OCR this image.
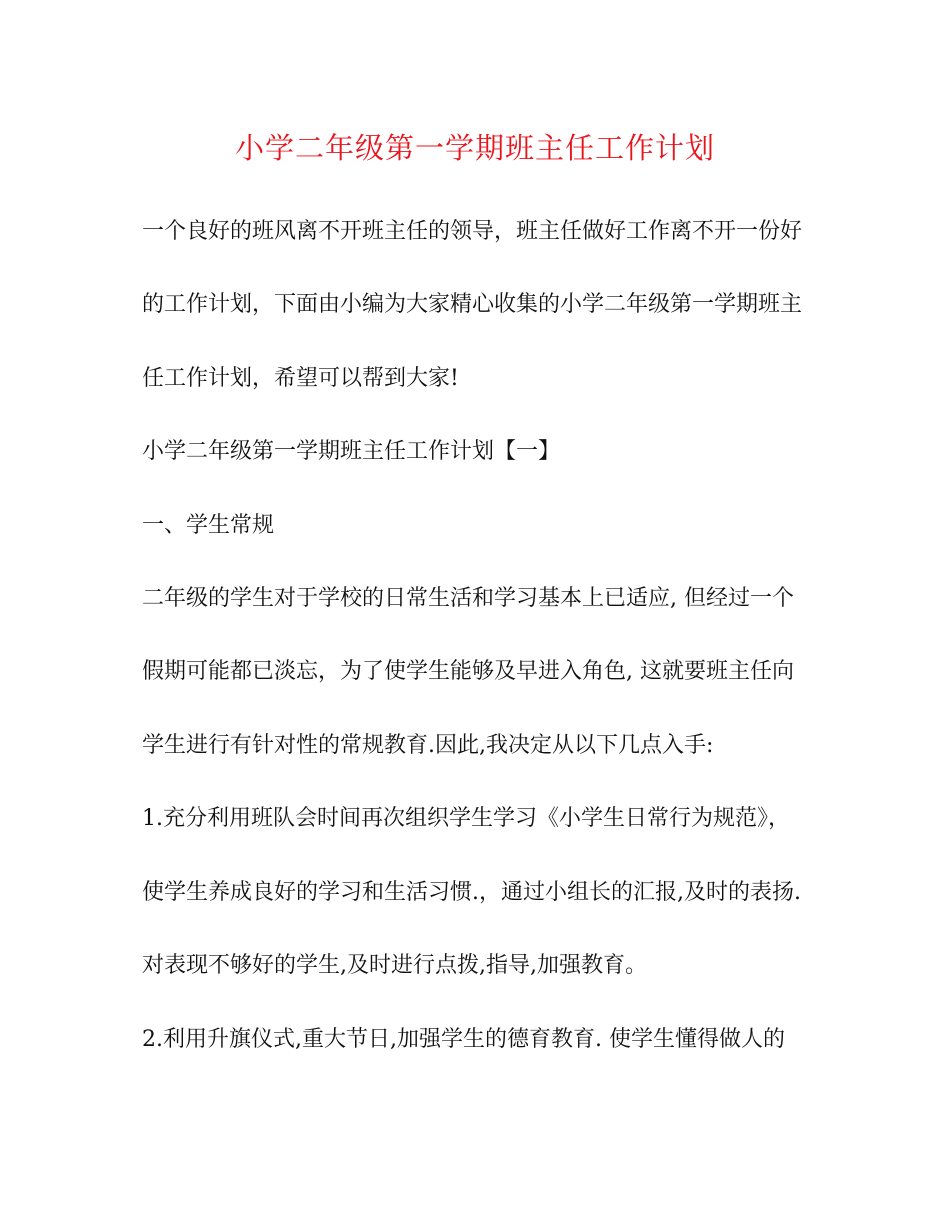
小学二年级第一学期班主任工作计划
一个良好的班风离不开班主任的领导，班主任做好工作离不开一份好
的工作计划，下面由小编为大家精心收集的小学二年级第一学期班主
任工作计划，希望可以帮到大家!
小学二年级第一学期班主任工作计划【一】
一、学生常规
二年级的学生对于学校的日常生活和学习基本上已适应, 但经过一个
假期可能都已淡忘，为了使学生能够及早进入角色, 这就要班主任向
学生进行有针对性的常规教育.因此,我决定从以下几点入手:
1.充分利用班队会时间再次组织学生学习《小学生日常行为规范》，
使学生养成良好的学习和生活习惯.，通过小组长的汇报,及时的表扬.
对表现不够好的学生,及时进行点拨,指导,加强教育。
2.利用升旗仪式,重大节日,加强学生的德育教育. 使学生懂得做人的
